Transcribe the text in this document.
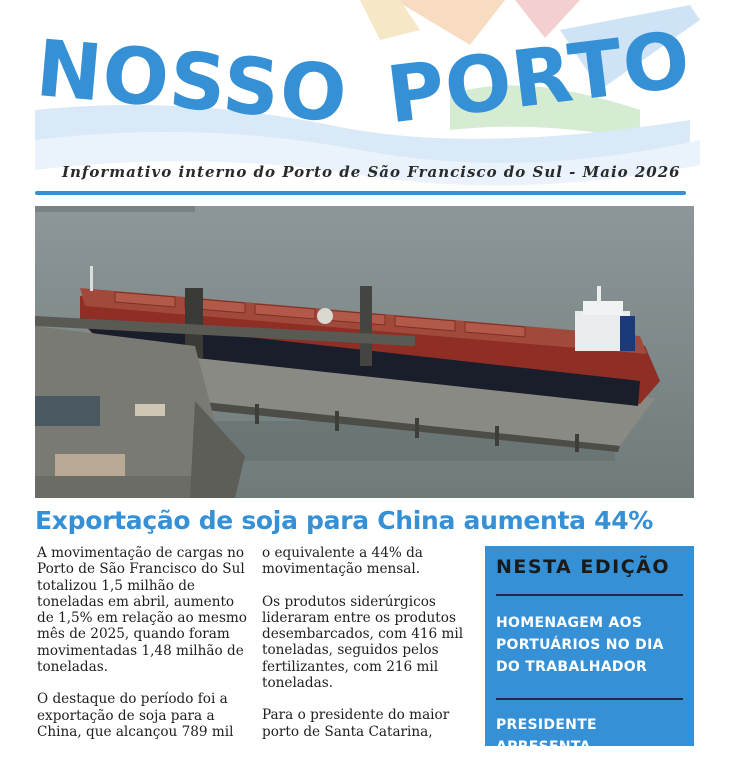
NOSSO PORTO

Informativo interno do Porto de São Francisco do Sul - Maio 2026

Exportação de soja para China aumenta 44%

A movimentação de cargas no Porto de São Francisco do Sul totalizou 1,5 milhão de toneladas em abril, aumento de 1,5% em relação ao mesmo mês de 2025, quando foram movimentadas 1,48 milhão de toneladas.

O destaque do período foi a exportação de soja para a China, que alcançou 789 mil

o equivalente a 44% da movimentação mensal.

Os produtos siderúrgicos lideraram entre os produtos desembarcados, com 416 mil toneladas, seguidos pelos fertilizantes, com 216 mil toneladas.

Para o presidente do maior porto de Santa Catarina,

NESTA EDIÇÃO
HOMENAGEM AOS PORTUÁRIOS NO DIA DO TRABALHADOR
PRESIDENTE APRESENTA
